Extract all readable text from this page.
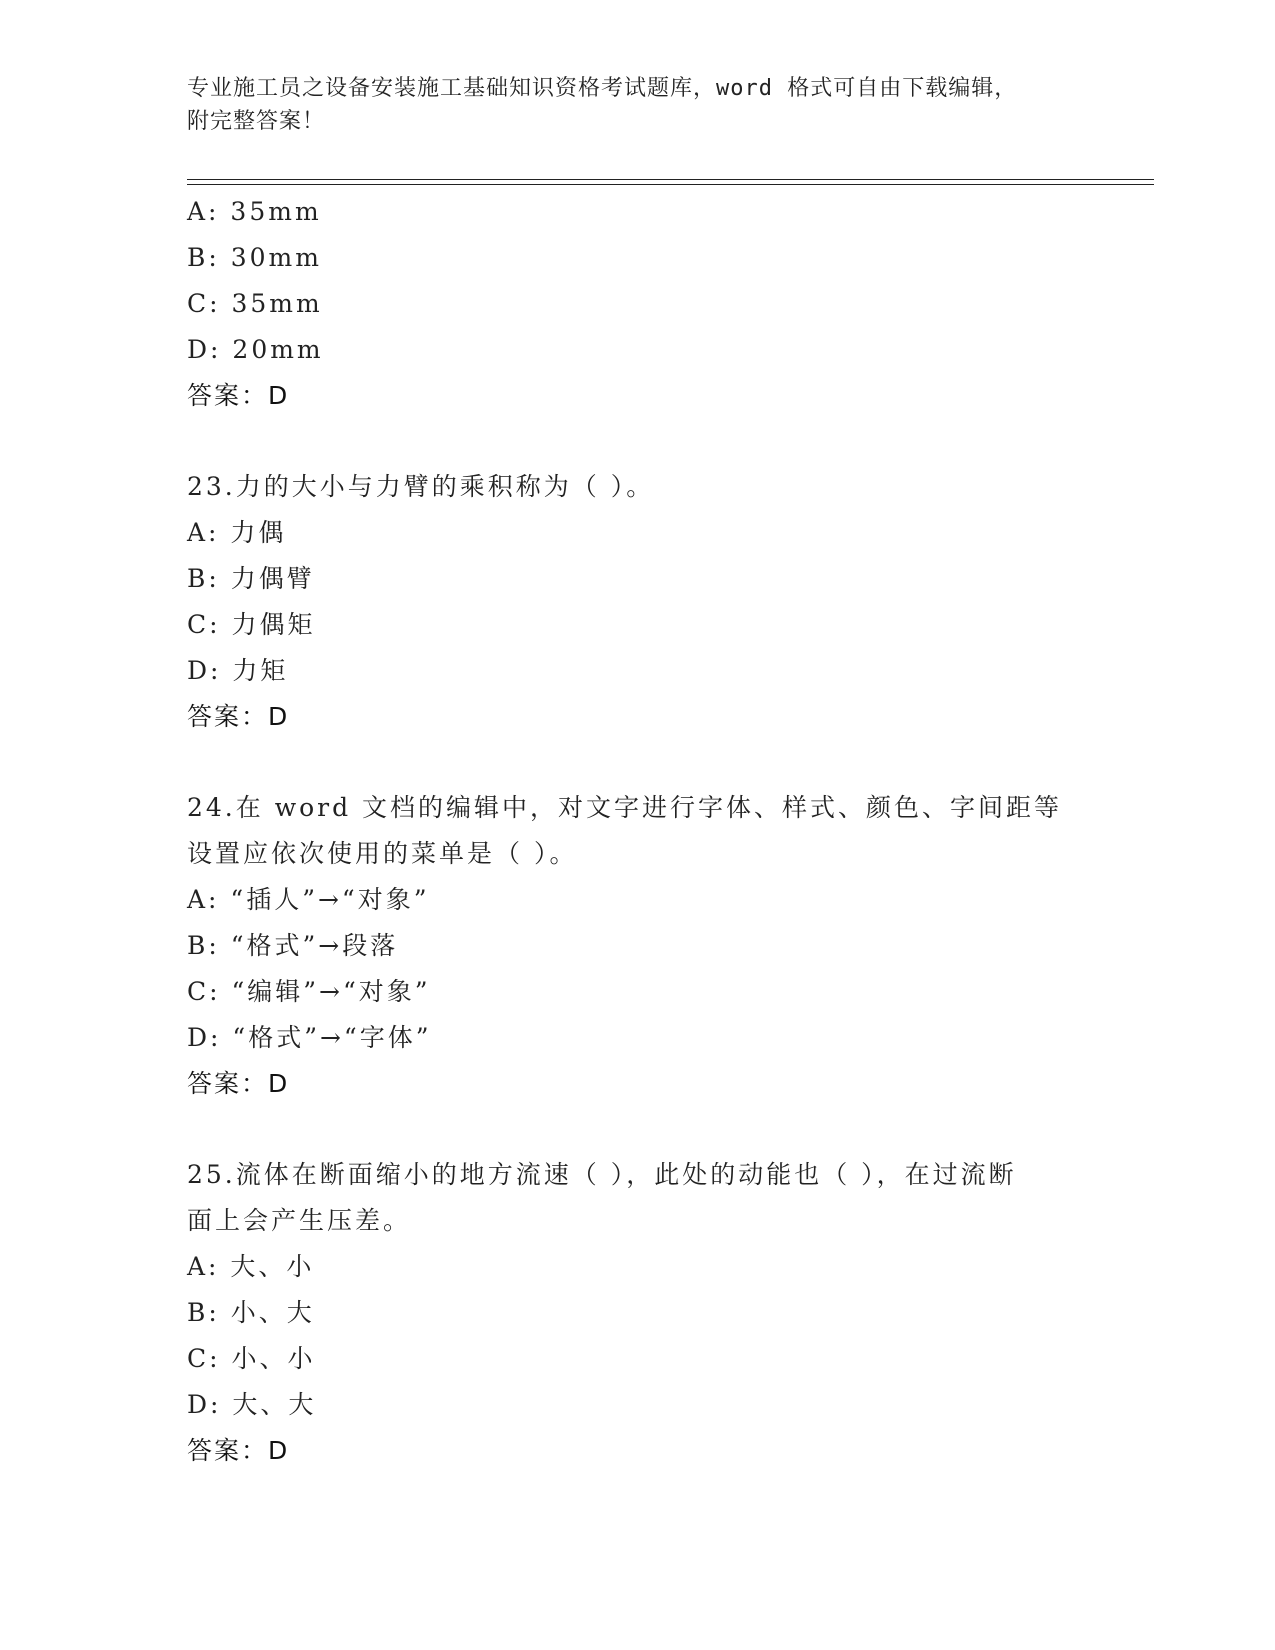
专业施工员之设备安装施工基础知识资格考试题库，word 格式可自由下载编辑，
附完整答案！
A: 35mm
B: 30mm
C: 35mm
D: 20mm
答案：D
23.力的大小与力臂的乘积称为（ ）。
A: 力偶
B: 力偶臂
C: 力偶矩
D: 力矩
答案：D
24.在 word 文档的编辑中，对文字进行字体、样式、颜色、字间距等
设置应依次使用的菜单是（ ）。
A: “插人”→“对象”
B: “格式”→段落
C: “编辑”→“对象”
D: “格式”→“字体”
答案：D
25.流体在断面缩小的地方流速（ ），此处的动能也（ ），在过流断
面上会产生压差。
A: 大、小
B: 小、大
C: 小、小
D: 大、大
答案：D
